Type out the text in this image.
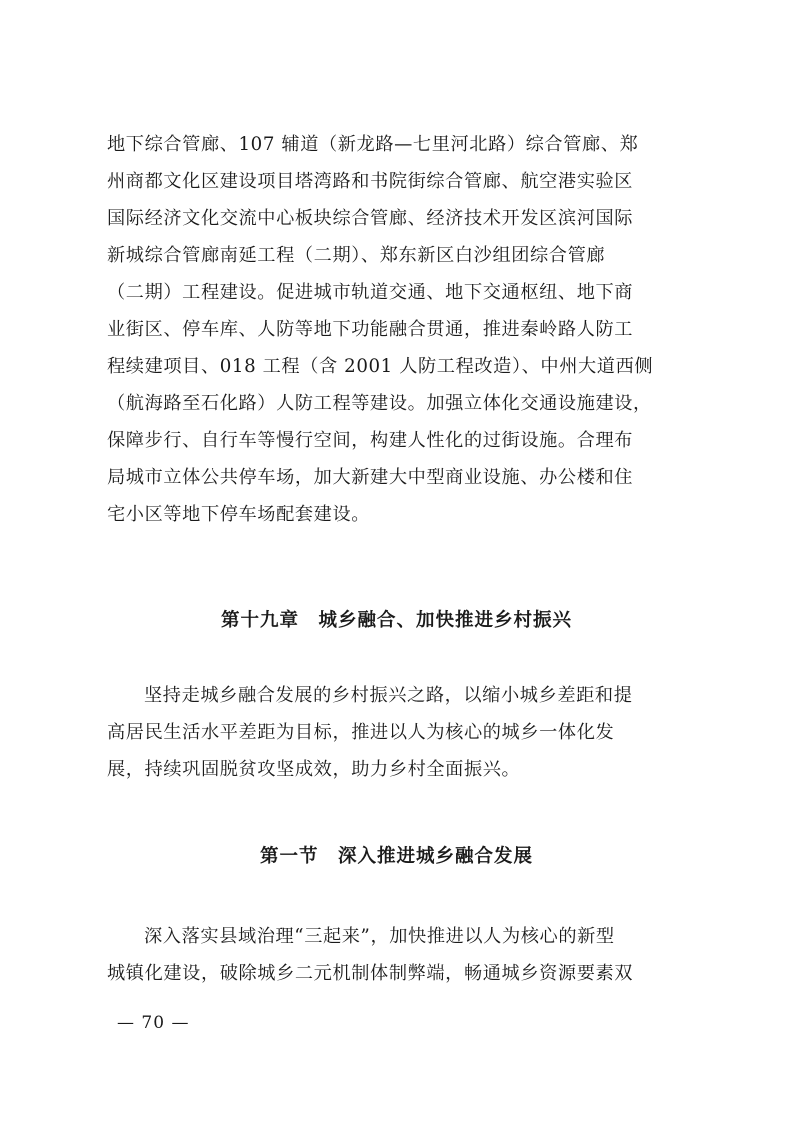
地下综合管廊、107 辅道（新龙路—七里河北路）综合管廊、郑
州商都文化区建设项目塔湾路和书院街综合管廊、航空港实验区
国际经济文化交流中心板块综合管廊、经济技术开发区滨河国际
新城综合管廊南延工程（二期）、郑东新区白沙组团综合管廊
（二期）工程建设。促进城市轨道交通、地下交通枢纽、地下商
业街区、停车库、人防等地下功能融合贯通，推进秦岭路人防工
程续建项目、018 工程（含 2001 人防工程改造）、中州大道西侧
（航海路至石化路）人防工程等建设。加强立体化交通设施建设，
保障步行、自行车等慢行空间，构建人性化的过街设施。合理布
局城市立体公共停车场，加大新建大中型商业设施、办公楼和住
宅小区等地下停车场配套建设。
第十九章　城乡融合、加快推进乡村振兴
坚持走城乡融合发展的乡村振兴之路，以缩小城乡差距和提
高居民生活水平差距为目标，推进以人为核心的城乡一体化发
展，持续巩固脱贫攻坚成效，助力乡村全面振兴。
第一节　深入推进城乡融合发展
深入落实县域治理“三起来”，加快推进以人为核心的新型
城镇化建设，破除城乡二元机制体制弊端，畅通城乡资源要素双
— 70 —
